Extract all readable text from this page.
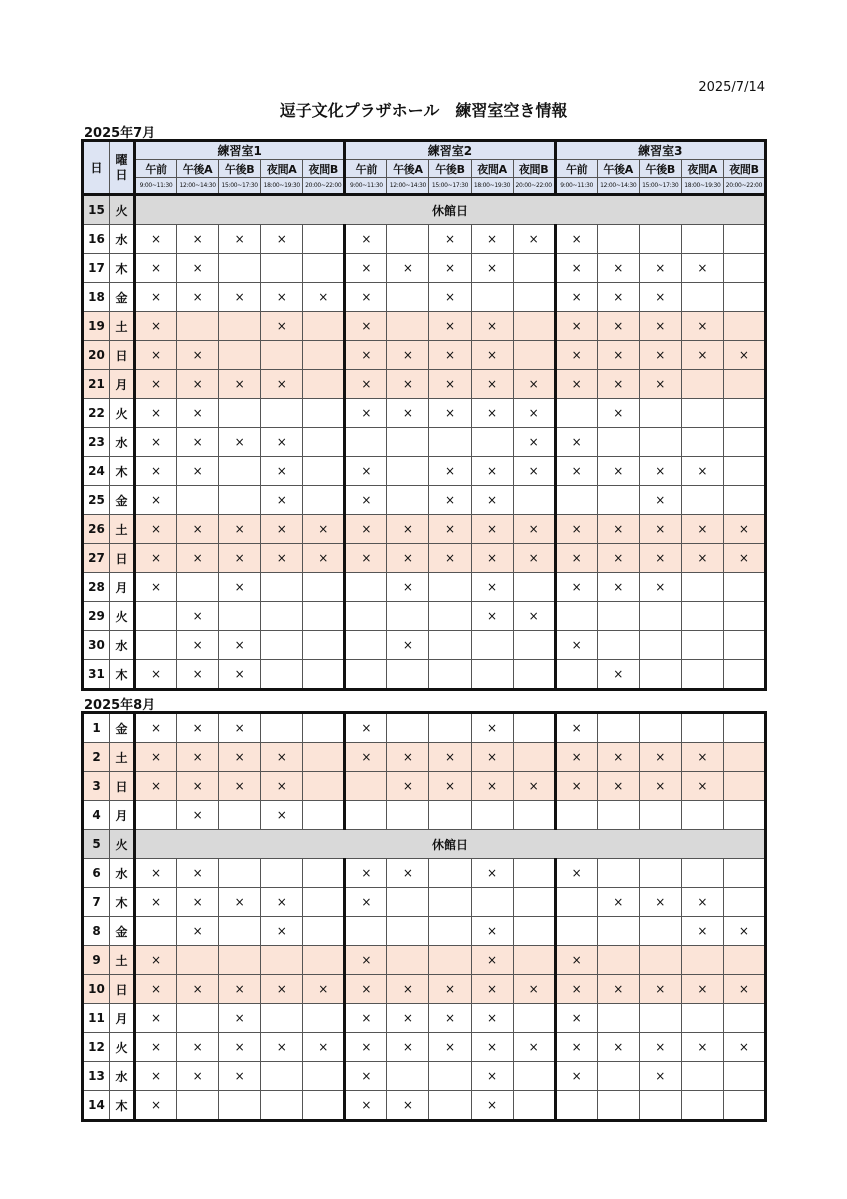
2025/7/14
逗子文化プラザホール　練習室空き情報
2025年7月
日	曜
日	練習室1					練習室2					練習室3				
		午前	午後A	午後B	夜間A	夜間B	午前	午後A	午後B	夜間A	夜間B	午前	午後A	午後B	夜間A	夜間B
		9:00~11:30	12:00~14:30	15:00~17:30	18:00~19:30	20:00~22:00	9:00~11:30	12:00~14:30	15:00~17:30	18:00~19:30	20:00~22:00	9:00~11:30	12:00~14:30	15:00~17:30	18:00~19:30	20:00~22:00
15	火	休館日														
16	水	×	×	×	×		×		×	×	×	×				
17	木	×	×				×	×	×	×		×	×	×	×	
18	金	×	×	×	×	×	×		×			×	×	×		
19	土	×			×		×		×	×		×	×	×	×	
20	日	×	×				×	×	×	×		×	×	×	×	×
21	月	×	×	×	×		×	×	×	×	×	×	×	×		
22	火	×	×				×	×	×	×	×		×			
23	水	×	×	×	×						×	×				
24	木	×	×		×		×		×	×	×	×	×	×	×	
25	金	×			×		×		×	×				×		
26	土	×	×	×	×	×	×	×	×	×	×	×	×	×	×	×
27	日	×	×	×	×	×	×	×	×	×	×	×	×	×	×	×
28	月	×		×				×		×		×	×	×		
29	火		×							×	×					
30	水		×	×				×				×				
31	木	×	×	×									×			
2025年8月
1	金	×	×	×			×			×		×				
2	土	×	×	×	×		×	×	×	×		×	×	×	×	
3	日	×	×	×	×			×	×	×	×	×	×	×	×	
4	月		×		×											
5	火	休館日														
6	水	×	×				×	×		×		×				
7	木	×	×	×	×		×						×	×	×	
8	金		×		×					×					×	×
9	土	×					×			×		×				
10	日	×	×	×	×	×	×	×	×	×	×	×	×	×	×	×
11	月	×		×			×	×	×	×		×				
12	火	×	×	×	×	×	×	×	×	×	×	×	×	×	×	×
13	水	×	×	×			×			×		×		×		
14	木	×					×	×		×						
